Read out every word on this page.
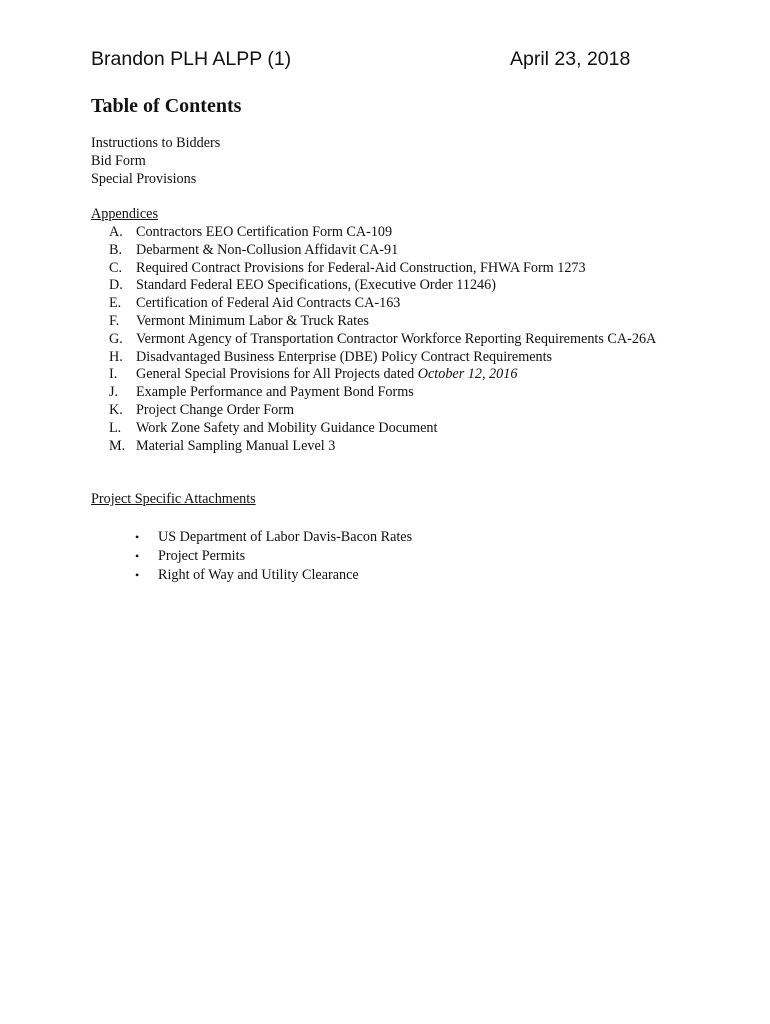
Brandon PLH ALPP (1)	April 23, 2018
Table of Contents
Instructions to Bidders
Bid Form
Special Provisions
Appendices
A. Contractors EEO Certification Form CA-109
B. Debarment & Non-Collusion Affidavit CA-91
C. Required Contract Provisions for Federal-Aid Construction, FHWA Form 1273
D. Standard Federal EEO Specifications, (Executive Order 11246)
E.	Certification of Federal Aid Contracts CA-163
F.	Vermont Minimum Labor & Truck Rates
G. Vermont Agency of Transportation Contractor Workforce Reporting Requirements CA-26A
H. Disadvantaged Business Enterprise (DBE) Policy Contract Requirements
I.	General Special Provisions for All Projects dated October 12, 2016
J.	Example Performance and Payment Bond Forms
K. Project Change Order Form
L.	Work Zone Safety and Mobility Guidance Document
M. Material Sampling Manual Level 3
Project Specific Attachments
•	US Department of Labor Davis-Bacon Rates
•	Project Permits
•	Right of Way and Utility Clearance
